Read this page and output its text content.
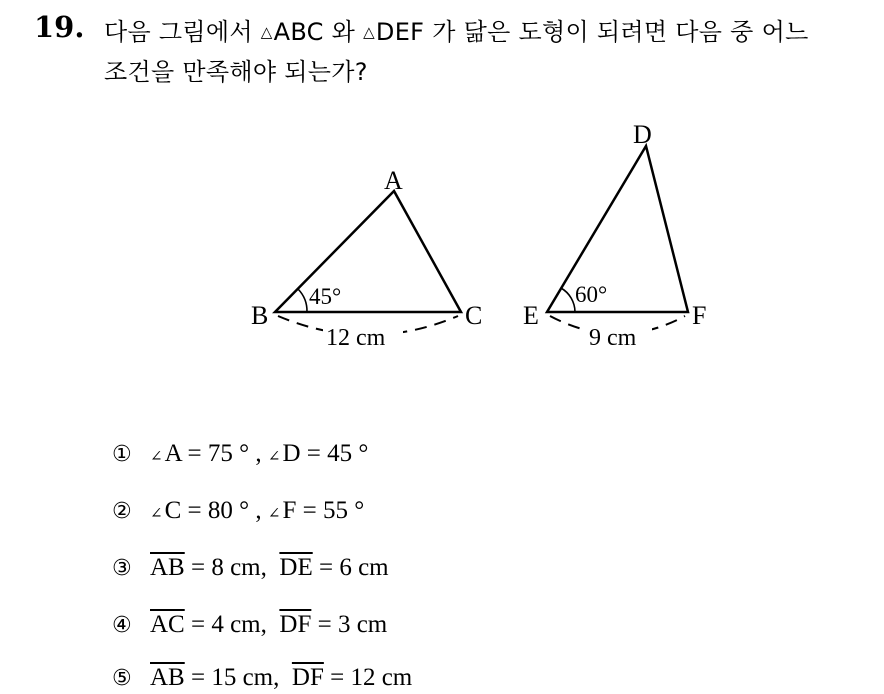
19. 다음 그림에서 △ABC 와 △DEF 가 닮은 도형이 되려면 다음 중 어느
조건을 만족해야 되는가?
A
B	C
45°
12 cm
D
E	F
60°
9 cm
① ∠A = 75 ° , ∠D = 45 °
② ∠C = 80 ° , ∠F = 55 °
③ $\overline{AB} = 8$ cm,  $\overline{DE} = 6$ cm
④ $\overline{AC} = 4$ cm,  $\overline{DF} = 3$ cm
⑤ $\overline{AB} = 15$ cm,  $\overline{DF} = 12$ cm
